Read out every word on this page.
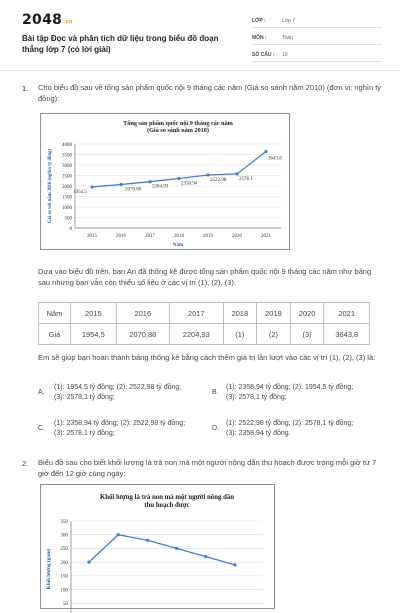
2048.vn
Bài tập Đọc và phân tích dữ liệu trong biểu đồ đoạn thẳng lớp 7 (có lời giải)
LỚP :	Lớp 7
MÔN :	Toán
SỐ CÂU :	10
1. Cho biểu đồ sau về tổng sản phẩm quốc nội 9 tháng các năm (Giá so sánh năm 2010) (đơn vị: nghìn tỷ đồng):
Tổng sản phẩm quốc nội 9 tháng các năm
(Giá so sánh năm 2010)
0
500
1000
1500
2000
2500
3000
3500
4000
2015	2016	2017	2018	2019	2020	2021
Năm
Giá so với năm 2010 (nghìn tỷ đồng)	1954.5	2070.88
2204.93
2358.94
2522.98	2578.1
3643.8
Dựa vào biểu đồ trên, bạn An đã thống kê được tổng sản phẩm quốc nội 9 tháng các năm như bảng sau nhưng bạn vẫn còn thiếu số liệu ở các vị trí (1), (2), (3).
Năm	2015	2016	2017	2018	2019	2020	2021
Giá	1954,5	2070,88	2204,93	(1)	(2)	(3)	3643,8
Em sẽ giúp bạn hoàn thành bảng thống kê bằng cách thêm giá trị lần lượt vào các vị trí (1), (2), (3) là:
A.
(1): 1954,5 tỷ đồng; (2): 2522,98 tỷ đồng;
(3): 2578,1 tỷ đồng;
B.
(1): 2358,94 tỷ đồng; (2): 1954,5 tỷ đồng;
(3): 2578,1 tỷ đồng;
C.
(1): 2358,94 tỷ đồng; (2): 2522,98 tỷ đồng;
(3): 2578,1 tỷ đồng;
D.
(1): 2522,98 tỷ đồng; (2): 2578,1 tỷ đồng;
(3): 2358,94 tỷ đồng.
2. Biểu đồ sau cho biết khối lượng lá trà non mà một người nông dân thu hoạch được trong mỗi giờ từ 7 giờ đến 12 giờ cùng ngày:
Khối lượng lá trà non mà một người nông dân
thu hoạch được
50
100
150
200
250
300
350
Khối lượng (gam)
